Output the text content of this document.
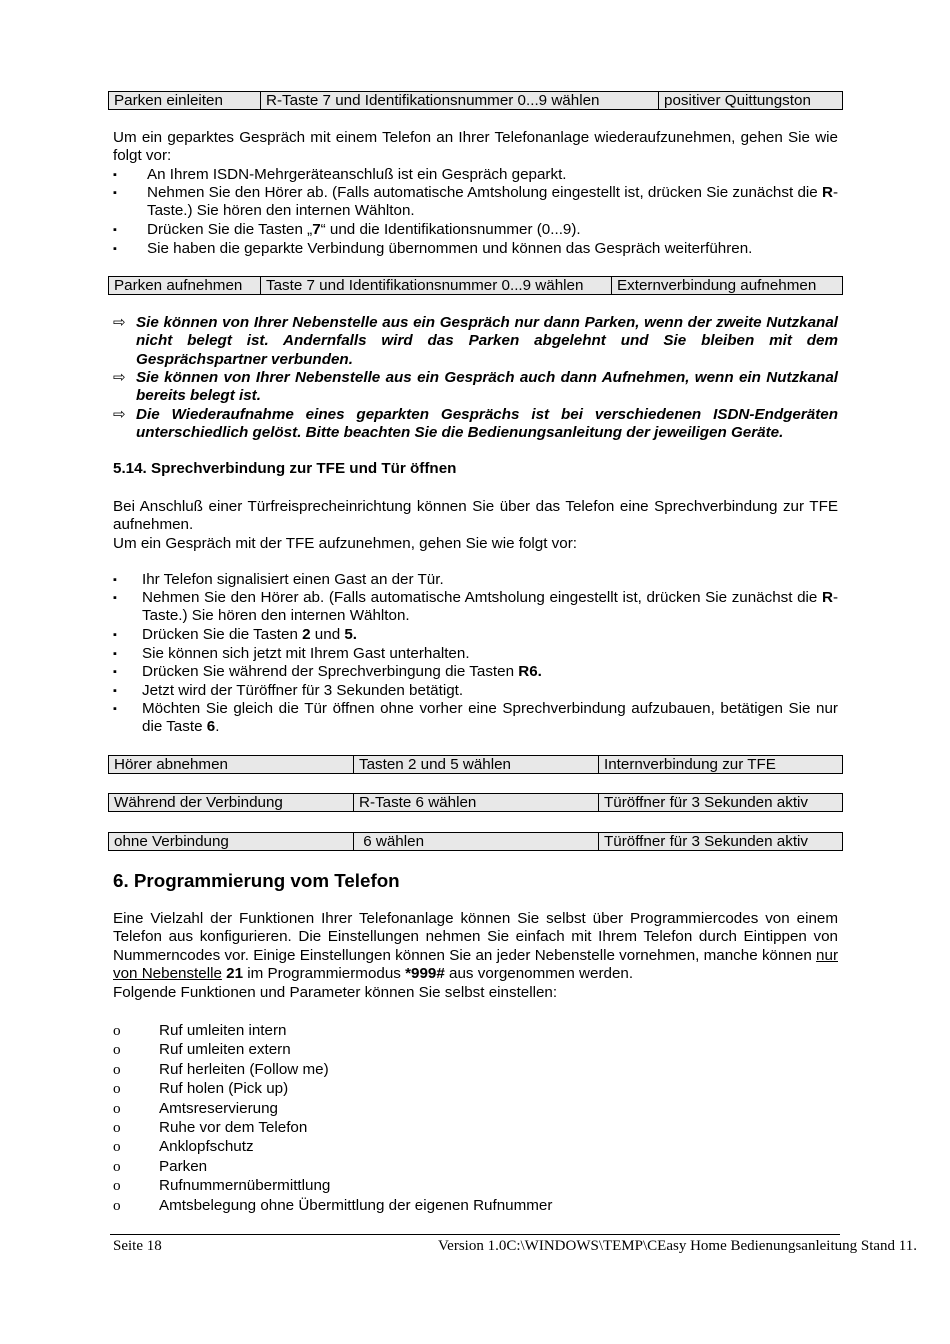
Parken einleiten	R-Taste 7 und Identifikationsnummer 0...9 wählen	positiver Quittungston

Um ein geparktes Gespräch mit einem Telefon an Ihrer Telefonanlage wiederaufzunehmen, gehen Sie wie folgt vor:

▪ An Ihrem ISDN-Mehrgeräteanschluß ist ein Gespräch geparkt.
▪ Nehmen Sie den Hörer ab. (Falls automatische Amtsholung eingestellt ist, drücken Sie zunächst die R-Taste.) Sie hören den internen Wählton.
▪ Drücken Sie die Tasten „7“ und die Identifikationsnummer (0...9).
▪ Sie haben die geparkte Verbindung übernommen und können das Gespräch weiterführen.
Parken aufnehmen	Taste 7 und Identifikationsnummer 0...9 wählen	Externverbindung aufnehmen
⇨ Sie können von Ihrer Nebenstelle aus ein Gespräch nur dann Parken, wenn der zweite Nutzkanal nicht belegt ist. Andernfalls wird das Parken abgelehnt und Sie bleiben mit dem Gesprächspartner verbunden.
⇨ Sie können von Ihrer Nebenstelle aus ein Gespräch auch dann Aufnehmen, wenn ein Nutzkanal bereits belegt ist.
⇨ Die Wiederaufnahme eines geparkten Gesprächs ist bei verschiedenen ISDN-Endgeräten unterschiedlich gelöst. Bitte beachten Sie die Bedienungsanleitung der jeweiligen Geräte.
5.14. Sprechverbindung zur TFE und Tür öffnen

Bei Anschluß einer Türfreisprecheinrichtung können Sie über das Telefon eine Sprechverbindung zur TFE aufnehmen.

Um ein Gespräch mit der TFE aufzunehmen, gehen Sie wie folgt vor:

▪ Ihr Telefon signalisiert einen Gast an der Tür.
▪ Nehmen Sie den Hörer ab. (Falls automatische Amtsholung eingestellt ist, drücken Sie zunächst die R-Taste.) Sie hören den internen Wählton.
▪ Drücken Sie die Tasten 2 und 5.
▪ Sie können sich jetzt mit Ihrem Gast unterhalten.
▪ Drücken Sie während der Sprechverbingung die Tasten R6.
▪ Jetzt wird der Türöffner für 3 Sekunden betätigt.
▪ Möchten Sie gleich die Tür öffnen ohne vorher eine Sprechverbindung aufzubauen, betätigen Sie nur die Taste 6.
Hörer abnehmen	Tasten 2 und 5 wählen	Internverbindung zur TFE
Während der Verbindung	R-Taste 6 wählen	Türöffner für 3 Sekunden aktiv
ohne Verbindung	6 wählen	Türöffner für 3 Sekunden aktiv
6. Programmierung vom Telefon

Eine Vielzahl der Funktionen Ihrer Telefonanlage können Sie selbst über Programmiercodes von einem Telefon aus konfigurieren. Die Einstellungen nehmen Sie einfach mit Ihrem Telefon durch Eintippen von Nummerncodes vor. Einige Einstellungen können Sie an jeder Nebenstelle vornehmen, manche können nur von Nebenstelle 21 im Programmiermodus *999# aus vorgenommen werden.

Folgende Funktionen und Parameter können Sie selbst einstellen:

o	Ruf umleiten intern
o	Ruf umleiten extern
o	Ruf herleiten (Follow me)
o	Ruf holen (Pick up)
o	Amtsreservierung
o	Ruhe vor dem Telefon
o	Anklopfschutz
o	Parken
o	Rufnummernübermittlung
o	Amtsbelegung ohne Übermittlung der eigenen Rufnummer
Seite 18	Version 1.0C:\WINDOWS\TEMP\CEasy Home Bedienungsanleitung Stand 11.
